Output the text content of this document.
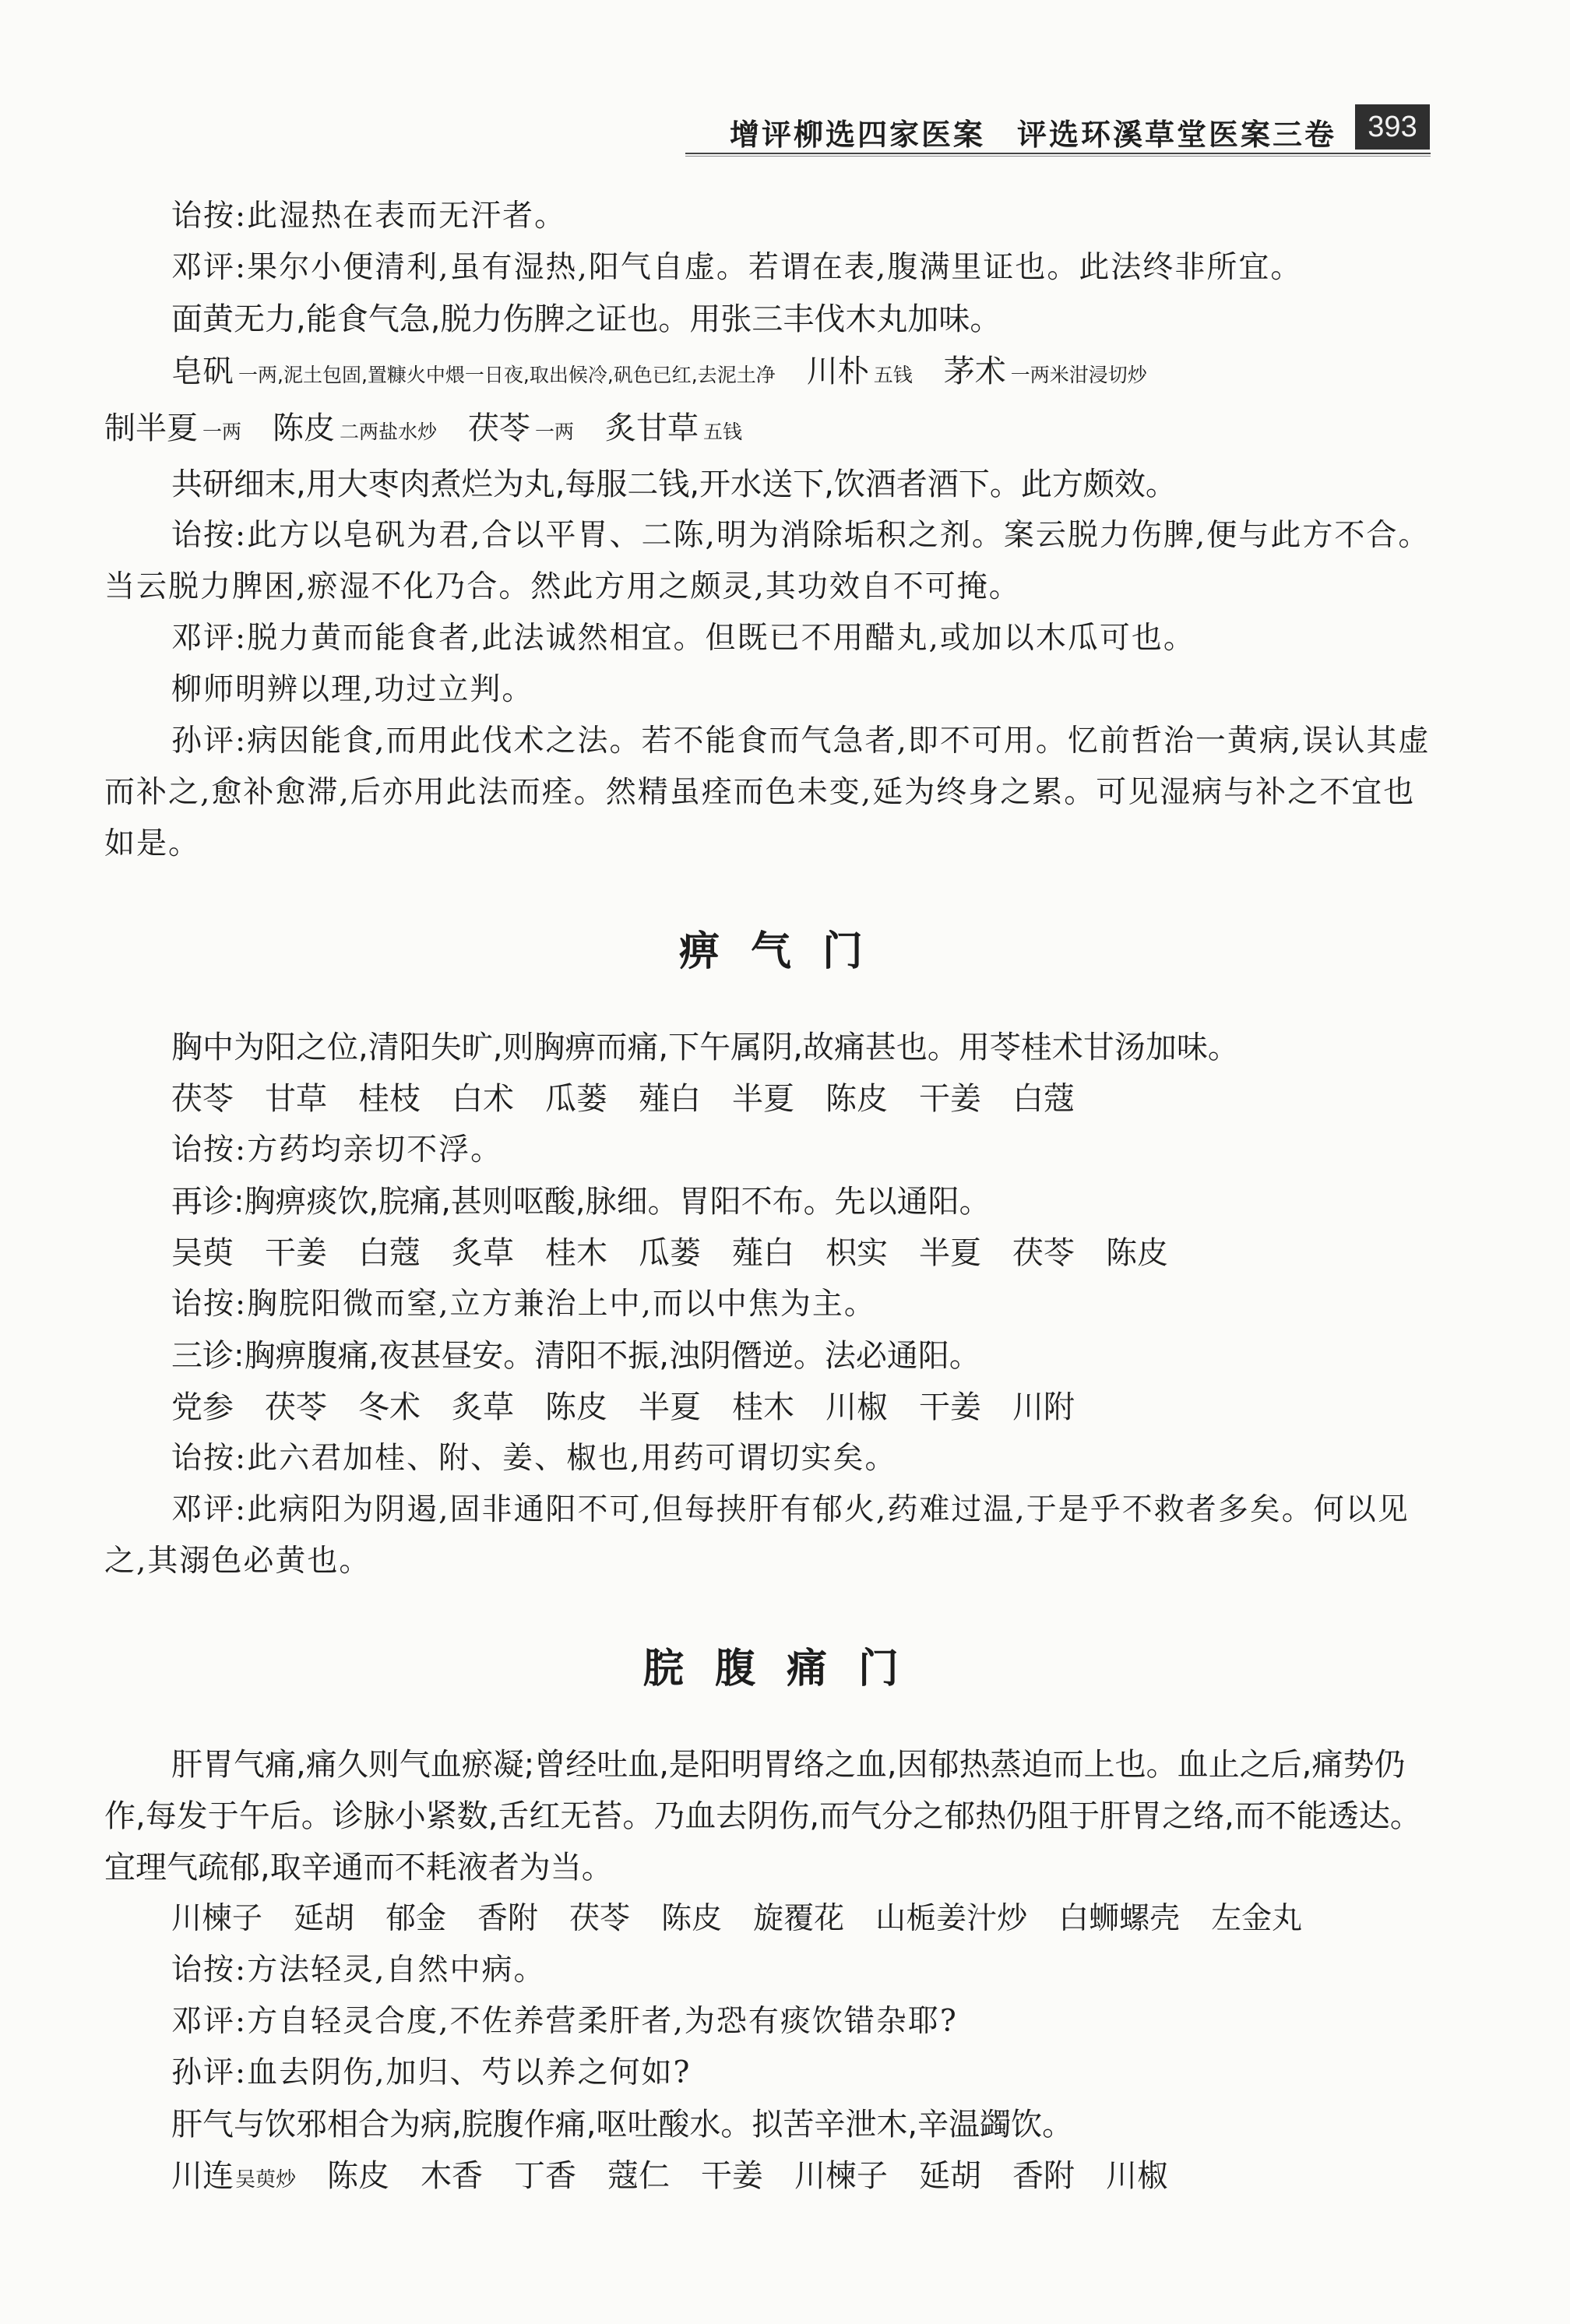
增评柳选四家医案　评选环溪草堂医案三卷	393

诒按:此湿热在表而无汗者。

邓评:果尔小便清利,虽有湿热,阳气自虚。若谓在表,腹满里证也。此法终非所宜。

面黄无力,能食气急,脱力伤脾之证也。用张三丰伐木丸加味。

皂矾 一两,泥土包固,置糠火中煨一日夜,取出候冷,矾色已红,去泥土净 川朴 五钱 茅术 一两米泔浸切炒
制半夏 一两 陈皮 二两盐水炒 茯苓 一两 炙甘草 五钱

共研细末,用大枣肉煮烂为丸,每服二钱,开水送下,饮酒者酒下。此方颇效。

诒按:此方以皂矾为君,合以平胃、二陈,明为消除垢积之剂。案云脱力伤脾,便与此方不合。当云脱力脾困,瘀湿不化乃合。然此方用之颇灵,其功效自不可掩。

邓评:脱力黄而能食者,此法诚然相宜。但既已不用醋丸,或加以木瓜可也。

柳师明辨以理,功过立判。

孙评:病因能食,而用此伐术之法。若不能食而气急者,即不可用。忆前哲治一黄病,误认其虚而补之,愈补愈滞,后亦用此法而痊。然精虽痊而色未变,延为终身之累。可见湿病与补之不宜也如是。

痹气门

胸中为阳之位,清阳失旷,则胸痹而痛,下午属阴,故痛甚也。用苓桂术甘汤加味。

茯苓 甘草 桂枝 白术 瓜蒌 薤白 半夏 陈皮 干姜 白蔻

诒按:方药均亲切不浮。

再诊:胸痹痰饮,脘痛,甚则呕酸,脉细。胃阳不布。先以通阳。

吴萸 干姜 白蔻 炙草 桂木 瓜蒌 薤白 枳实 半夏 茯苓 陈皮

诒按:胸脘阳微而窒,立方兼治上中,而以中焦为主。

三诊:胸痹腹痛,夜甚昼安。清阳不振,浊阴僭逆。法必通阳。

党参 茯苓 冬术 炙草 陈皮 半夏 桂木 川椒 干姜 川附

诒按:此六君加桂、附、姜、椒也,用药可谓切实矣。

邓评:此病阳为阴遏,固非通阳不可,但每挟肝有郁火,药难过温,于是乎不救者多矣。何以见之,其溺色必黄也。

脘腹痛门

肝胃气痛,痛久则气血瘀凝;曾经吐血,是阳明胃络之血,因郁热蒸迫而上也。血止之后,痛势仍作,每发于午后。诊脉小紧数,舌红无苔。乃血去阴伤,而气分之郁热仍阻于肝胃之络,而不能透达。宜理气疏郁,取辛通而不耗液者为当。

川楝子 延胡 郁金 香附 茯苓 陈皮 旋覆花 山栀姜汁炒 白蛳螺壳 左金丸

诒按:方法轻灵,自然中病。

邓评:方自轻灵合度,不佐养营柔肝者,为恐有痰饮错杂耶?

孙评:血去阴伤,加归、芍以养之何如?

肝气与饮邪相合为病,脘腹作痛,呕吐酸水。拟苦辛泄木,辛温蠲饮。

川连吴萸炒 陈皮 木香 丁香 蔻仁 干姜 川楝子 延胡 香附 川椒
